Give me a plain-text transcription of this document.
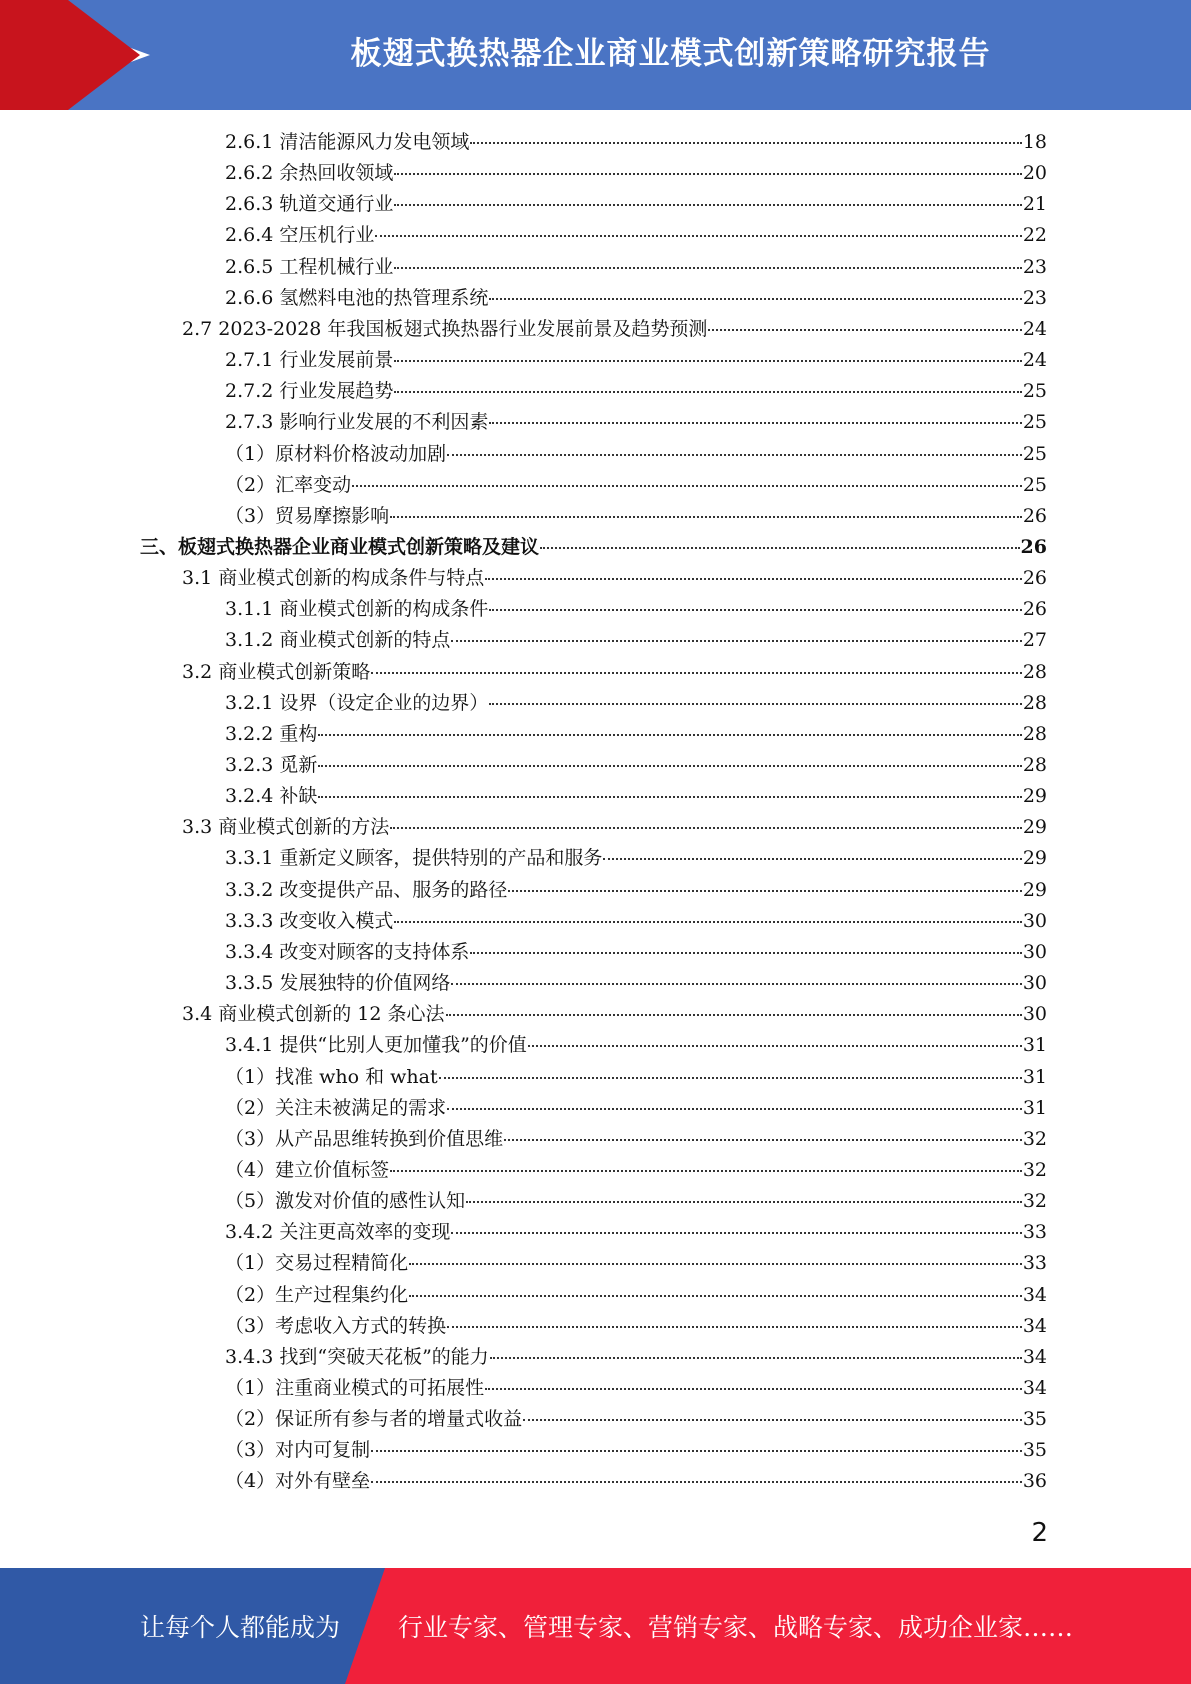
板翅式换热器企业商业模式创新策略研究报告
2.6.1 清洁能源风力发电领域	18
2.6.2 余热回收领域	20
2.6.3 轨道交通行业	21
2.6.4 空压机行业	22
2.6.5 工程机械行业	23
2.6.6 氢燃料电池的热管理系统	23
2.7 2023-2028 年我国板翅式换热器行业发展前景及趋势预测	24
2.7.1 行业发展前景	24
2.7.2 行业发展趋势	25
2.7.3 影响行业发展的不利因素	25
（1）原材料价格波动加剧	25
（2）汇率变动	25
（3）贸易摩擦影响	26
三、板翅式换热器企业商业模式创新策略及建议	26
3.1 商业模式创新的构成条件与特点	26
3.1.1 商业模式创新的构成条件	26
3.1.2 商业模式创新的特点	27
3.2 商业模式创新策略	28
3.2.1 设界（设定企业的边界）	28
3.2.2 重构	28
3.2.3 觅新	28
3.2.4 补缺	29
3.3 商业模式创新的方法	29
3.3.1 重新定义顾客，提供特别的产品和服务	29
3.3.2 改变提供产品、服务的路径	29
3.3.3 改变收入模式	30
3.3.4 改变对顾客的支持体系	30
3.3.5 发展独特的价值网络	30
3.4 商业模式创新的 12 条心法	30
3.4.1 提供“比别人更加懂我”的价值	31
（1）找准 who 和 what	31
（2）关注未被满足的需求	31
（3）从产品思维转换到价值思维	32
（4）建立价值标签	32
（5）激发对价值的感性认知	32
3.4.2 关注更高效率的变现	33
（1）交易过程精简化	33
（2）生产过程集约化	34
（3）考虑收入方式的转换	34
3.4.3 找到“突破天花板”的能力	34
（1）注重商业模式的可拓展性	34
（2）保证所有参与者的增量式收益	35
（3）对内可复制	35
（4）对外有壁垒	36
2
让每个人都能成为 行业专家、管理专家、营销专家、战略专家、成功企业家……
